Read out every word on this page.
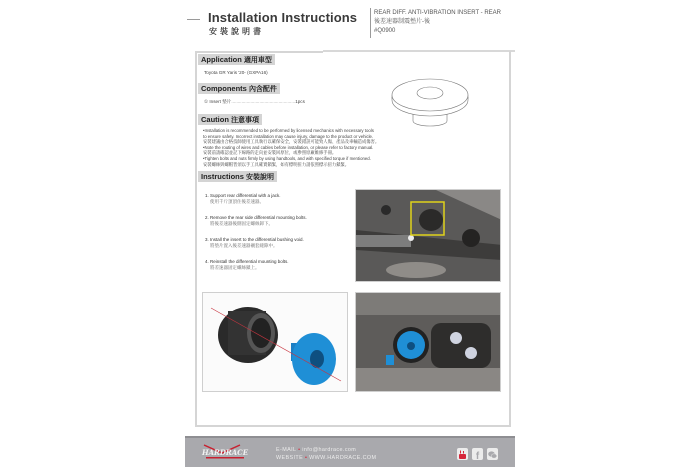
Installation Instructions
安裝說明書
REAR DIFF. ANTI-VIBRATION INSERT - REAR
後差速器制震墊片-後
#Q0900
Application 適用車型
Toyota GR Yaris '20- (GXPA16)
Components 內含配件
① Insert 墊片..................................................1pcs
Caution 注意事項
•Installation is recommended to be performed by licensed mechanics with necessary tools
to ensure safety. Incorrect installation may cause injury, damage to the product or vehicle.
安裝建議由合格技師使用工具執行以確保安全，安裝錯誤可能致人傷、產品及車輛造成傷害。
•Note the routing of wires and cables before installation, or please refer to factory manual.
安裝前請確認並記下線路的走向並安裝回原位，或參照原廠維修手冊。
•Tighten bolts and nuts firmly by using handtools, and with specified torque if mentioned.
安裝螺絲與螺帽皆須以手工具確實鎖緊，如有標明扭力請依照標示扭力鎖緊。
Instructions 安裝說明
1. Support rear differential with a jack.
使用千斤頂頂住後差速器。
2. Remove the rear side differential mounting bolts.
將後差速器後側固定螺絲卸下。
3. Install the insert to the differential bushing void.
將墊片置入後差速器襯套縫隙中。
4. Reinstall the differential mounting bolts.
將差速器固定螺絲鎖上。
HARDRACE	E-MAIL • info@hardrace.com
WEBSITE • WWW.HARDRACE.COM	f
